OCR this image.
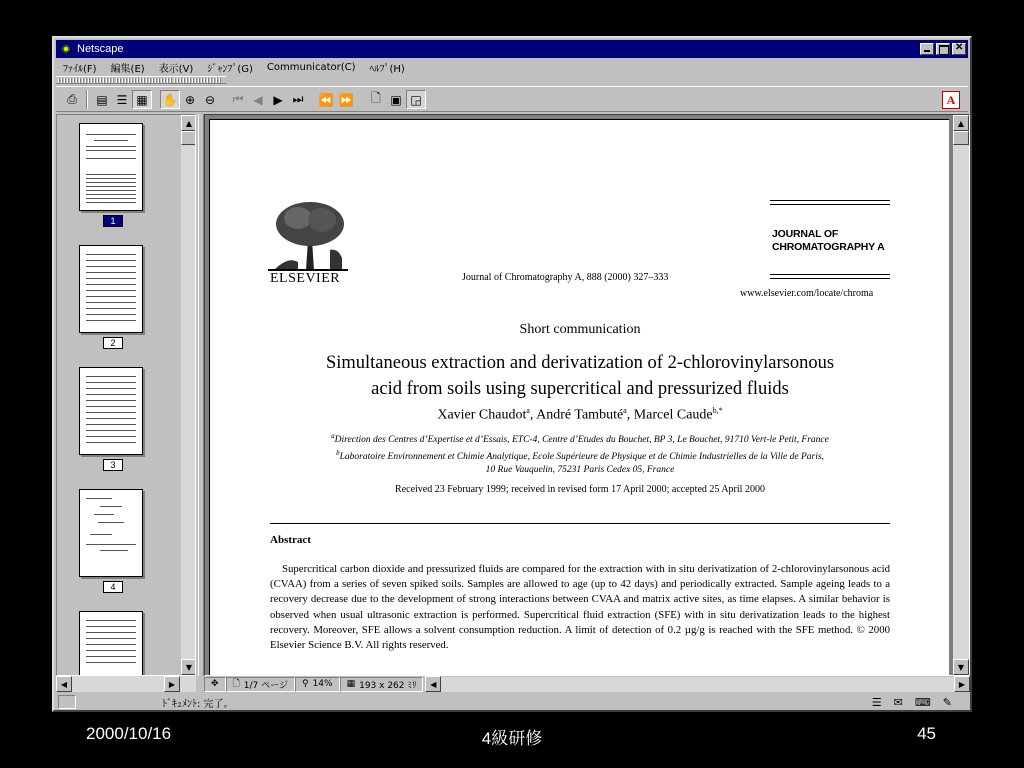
Netscape
✕
ﾌｧｲﾙ(F)	編集(E)	表示(V)	ｼﾞｬﾝﾌﾟ(G)	Communicator(C)	ﾍﾙﾌﾟ(H)
⎙	▤ ☰ ▦	✋ ⊕ ⊖	⏮ ◀ ▶ ⏭	⏪ ⏩	🗋 ▣ ◲	A
1
2
3
4
▲
▼
ELSEVIER	Journal of Chromatography A, 888 (2000) 327–333
JOURNAL OF
CHROMATOGRAPHY A
www.elsevier.com/locate/chroma
Short communication
Simultaneous extraction and derivatization of 2-chlorovinylarsonous
acid from soils using supercritical and pressurized fluids
Xavier Chaudot$^a$, André Tambuté$^a$, Marcel Caude$^{b,*}$
$^a$Direction des Centres d’Expertise et d’Essais, ETC-4, Centre d’Etudes du Bouchet, BP 3, Le Bouchet, 91710 Vert-le Petit, France
$^b$Laboratoire Environnement et Chimie Analytique, Ecole Supérieure de Physique et de Chimie Industrielles de la Ville de Paris,
10 Rue Vauquelin, 75231 Paris Cedex 05, France
Received 23 February 1999; received in revised form 17 April 2000; accepted 25 April 2000
Abstract
Supercritical carbon dioxide and pressurized fluids are compared for the extraction with in situ derivatization of 2-chlorovinylarsonous acid (CVAA) from a series of seven spiked soils. Samples are allowed to age (up to 42 days) and periodically extracted. Sample ageing leads to a recovery decrease due to the development of strong interactions between CVAA and matrix active sites, as time elapses. A similar behavior is observed when usual ultrasonic extraction is performed. Supercritical fluid extraction (SFE) with in situ derivatization leads to the highest recovery. Moreover, SFE allows a solvent consumption reduction. A limit of detection of 0.2 µg/g is reached with the SFE method. © 2000 Elsevier Science B.V. All rights reserved.
▲
▼
◀	▶	✥	🗋 1/7 ページ ⚲ 14% ▦ 193 x 262 ﾐﾘ	◀	▶
ﾄﾞｷｭﾒﾝﾄ: 完了。	☰ ✉ ⌨ ✎
2000/10/16	4級研修	45
